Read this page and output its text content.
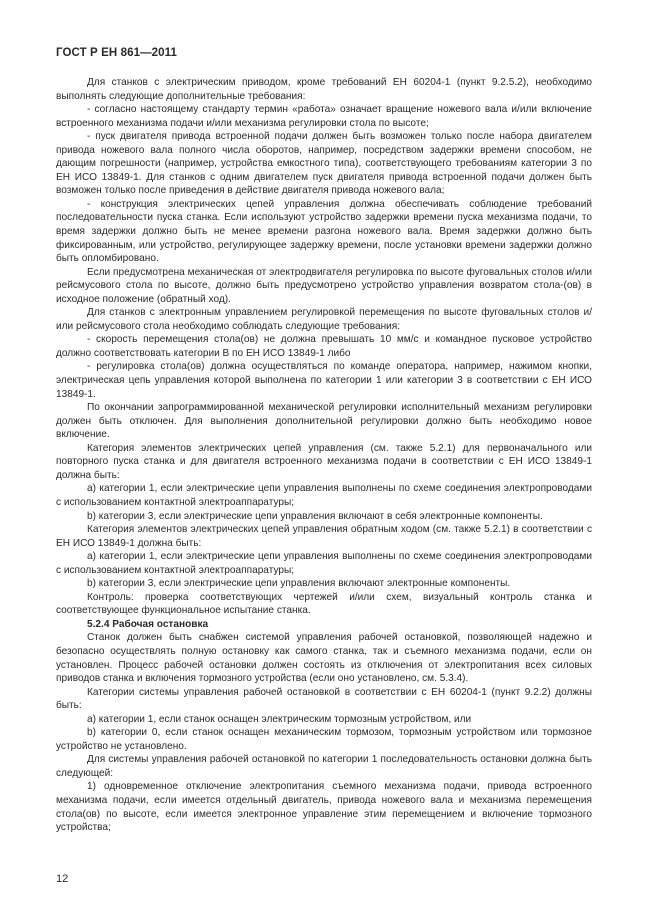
ГОСТ Р ЕН 861—2011

Для станков с электрическим приводом, кроме требований ЕН 60204-1 (пункт 9.2.5.2), необходимо выполнять следующие дополнительные требования:

- согласно настоящему стандарту термин «работа» означает вращение ножевого вала и/или включение встроенного механизма подачи и/или механизма регулировки стола по высоте;

- пуск двигателя привода встроенной подачи должен быть возможен только после набора двигателем привода ножевого вала полного числа оборотов, например, посредством задержки времени способом, не дающим погрешности (например, устройства емкостного типа), соответствующего требованиям категории 3 по ЕН ИСО 13849-1. Для станков с одним двигателем пуск двигателя привода встроенной подачи должен быть возможен только после приведения в действие двигателя привода ножевого вала;

- конструкция электрических цепей управления должна обеспечивать соблюдение требований последовательности пуска станка. Если используют устройство задержки времени пуска механизма подачи, то время задержки должно быть не менее времени разгона ножевого вала. Время задержки должно быть фиксированным, или устройство, регулирующее задержку времени, после установки времени задержки должно быть опломбировано.

Если предусмотрена механическая от электродвигателя регулировка по высоте фуговальных столов и/или рейсмусового стола по высоте, должно быть предусмотрено устройство управления возвратом стола-(ов) в исходное положение (обратный ход).

Для станков с электронным управлением регулировкой перемещения по высоте фуговальных столов и/или рейсмусового стола необходимо соблюдать следующие требования:

- скорость перемещения стола(ов) не должна превышать 10 мм/с и командное пусковое устройство должно соответствовать категории В по ЕН ИСО 13849-1 либо

- регулировка стола(ов) должна осуществляться по команде оператора, например, нажимом кнопки, электрическая цепь управления которой выполнена по категории 1 или категории 3 в соответствии с ЕН ИСО 13849-1.

По окончании запрограммированной механической регулировки исполнительный механизм регулировки должен быть отключен. Для выполнения дополнительной регулировки должно быть необходимо новое включение.

Категория элементов электрических цепей управления (см. также 5.2.1) для первоначального или повторного пуска станка и для двигателя встроенного механизма подачи в соответствии с ЕН ИСО 13849-1 должна быть:

а) категории 1, если электрические цепи управления выполнены по схеме соединения электропроводами с использованием контактной электроаппаратуры;

b) категории 3, если электрические цепи управления включают в себя электронные компоненты.

Категория элементов электрических цепей управления обратным ходом (см. также 5.2.1) в соответствии с ЕН ИСО 13849-1 должна быть:

а) категории 1, если электрические цепи управления выполнены по схеме соединения электропроводами с использованием контактной электроаппаратуры;

b) категории 3, если электрические цепи управления включают электронные компоненты.

Контроль: проверка соответствующих чертежей и/или схем, визуальный контроль станка и соответствующее функциональное испытание станка.

5.2.4 Рабочая остановка

Станок должен быть снабжен системой управления рабочей остановкой, позволяющей надежно и безопасно осуществлять полную остановку как самого станка, так и съемного механизма подачи, если он установлен. Процесс рабочей остановки должен состоять из отключения от электропитания всех силовых приводов станка и включения тормозного устройства (если оно установлено, см. 5.3.4).

Категории системы управления рабочей остановкой в соответствии с ЕН 60204-1 (пункт 9.2.2) должны быть:

а) категории 1, если станок оснащен электрическим тормозным устройством, или

b) категории 0, если станок оснащен механическим тормозом, тормозным устройством или тормозное устройство не установлено.

Для системы управления рабочей остановкой по категории 1 последовательность остановки должна быть следующей:

1) одновременное отключение электропитания съемного механизма подачи, привода встроенного механизма подачи, если имеется отдельный двигатель, привода ножевого вала и механизма перемещения стола(ов) по высоте, если имеется электронное управление этим перемещением и включение тормозного устройства;

12
